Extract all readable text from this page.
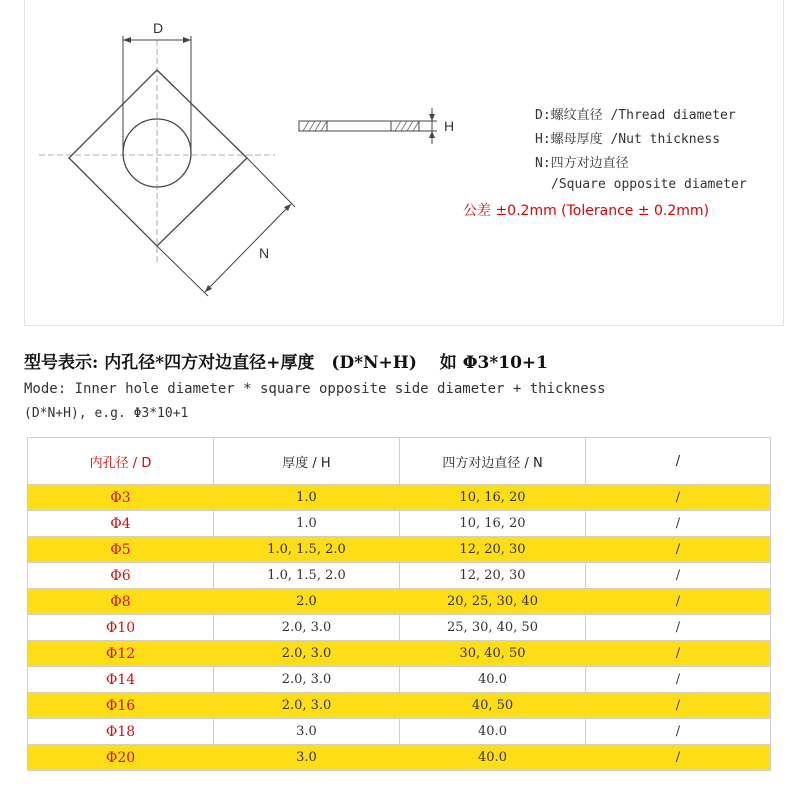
D
N
H
D:螺纹直径 /Thread diameter
H:螺母厚度 /Nut thickness
N:四方对边直径
/Square opposite diameter
公差 ±0.2mm (Tolerance ± 0.2mm)
型号表示: 内孔径*四方对边直径+厚度　(D*N+H)　 如 Φ3*10+1
Mode: Inner hole diameter * square opposite side diameter + thickness
(D*N+H), e.g. Φ3*10+1
内孔径 / D	厚度 / H	四方对边直径 / N	/
Φ3	1.0	10, 16, 20	/
Φ4	1.0	10, 16, 20	/
Φ5	1.0, 1.5, 2.0	12, 20, 30	/
Φ6	1.0, 1.5, 2.0	12, 20, 30	/
Φ8	2.0	20, 25, 30, 40	/
Φ10	2.0, 3.0	25, 30, 40, 50	/
Φ12	2.0, 3.0	30, 40, 50	/
Φ14	2.0, 3.0	40.0	/
Φ16	2.0, 3.0	40, 50	/
Φ18	3.0	40.0	/
Φ20	3.0	40.0	/
